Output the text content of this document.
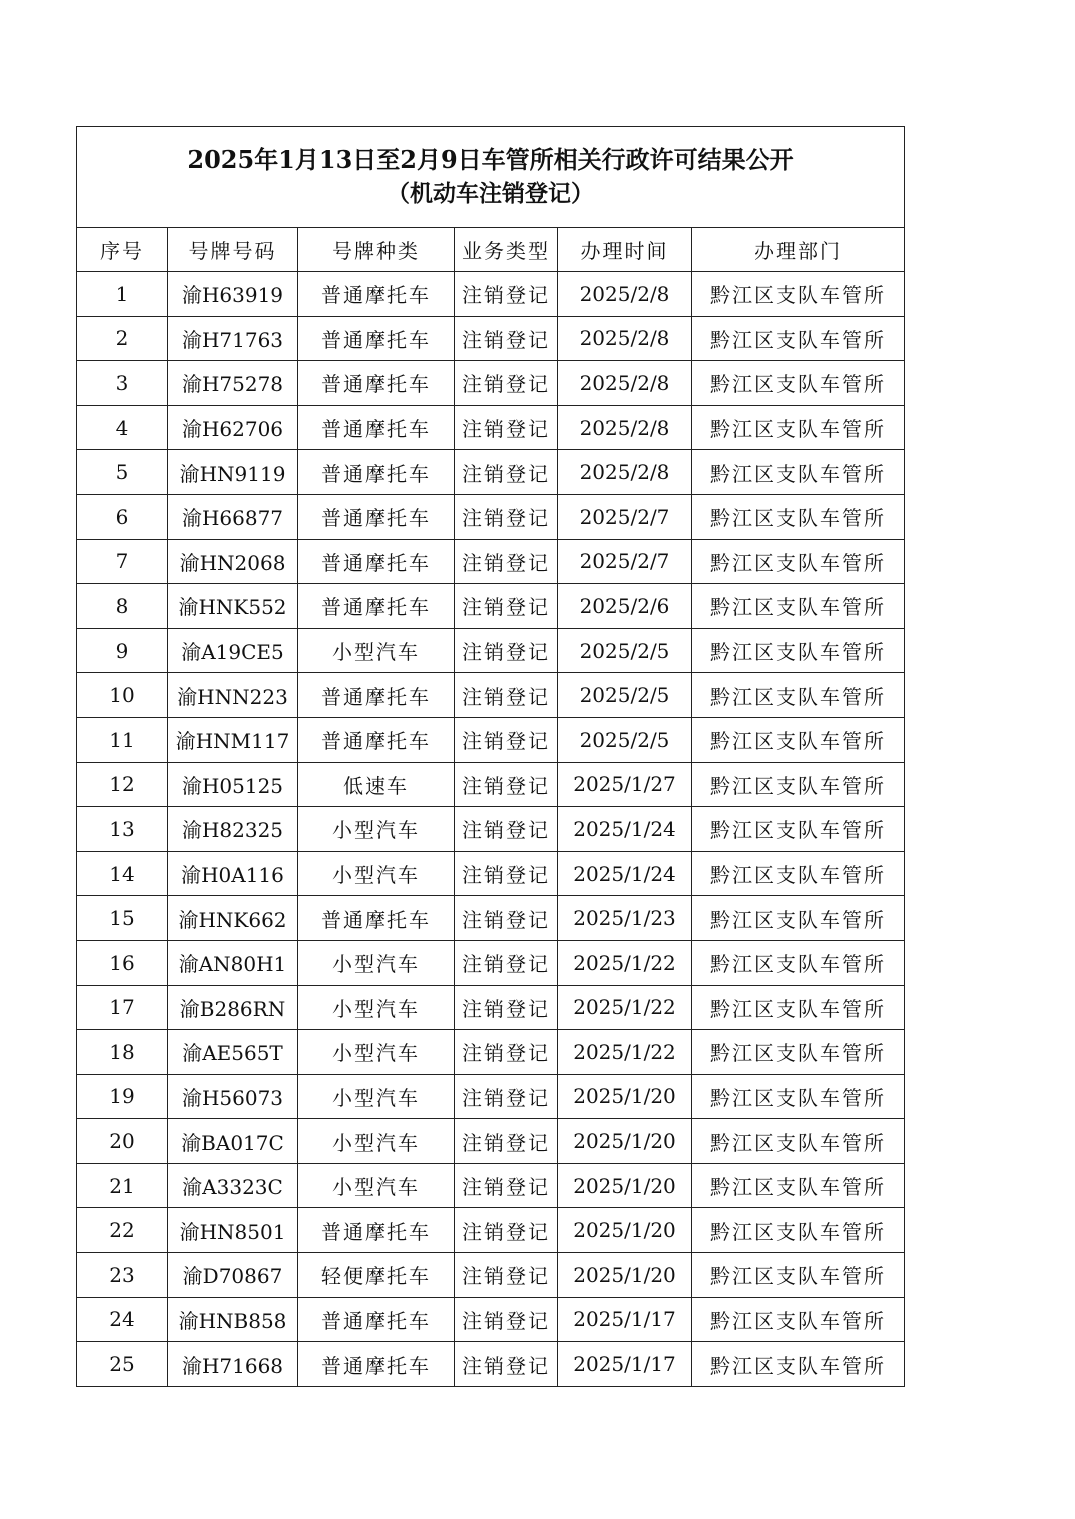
2025年1月13日至2月9日车管所相关行政许可结果公开
（机动车注销登记）					

序号	号牌号码	号牌种类	业务类型	办理时间	办理部门
1	渝H63919	普通摩托车	注销登记	2025/2/8	黔江区支队车管所
2	渝H71763	普通摩托车	注销登记	2025/2/8	黔江区支队车管所
3	渝H75278	普通摩托车	注销登记	2025/2/8	黔江区支队车管所
4	渝H62706	普通摩托车	注销登记	2025/2/8	黔江区支队车管所
5	渝HN9119	普通摩托车	注销登记	2025/2/8	黔江区支队车管所
6	渝H66877	普通摩托车	注销登记	2025/2/7	黔江区支队车管所
7	渝HN2068	普通摩托车	注销登记	2025/2/7	黔江区支队车管所
8	渝HNK552	普通摩托车	注销登记	2025/2/6	黔江区支队车管所
9	渝A19CE5	小型汽车	注销登记	2025/2/5	黔江区支队车管所
10	渝HNN223	普通摩托车	注销登记	2025/2/5	黔江区支队车管所
11	渝HNM117	普通摩托车	注销登记	2025/2/5	黔江区支队车管所
12	渝H05125	低速车	注销登记	2025/1/27	黔江区支队车管所
13	渝H82325	小型汽车	注销登记	2025/1/24	黔江区支队车管所
14	渝H0A116	小型汽车	注销登记	2025/1/24	黔江区支队车管所
15	渝HNK662	普通摩托车	注销登记	2025/1/23	黔江区支队车管所
16	渝AN80H1	小型汽车	注销登记	2025/1/22	黔江区支队车管所
17	渝B286RN	小型汽车	注销登记	2025/1/22	黔江区支队车管所
18	渝AE565T	小型汽车	注销登记	2025/1/22	黔江区支队车管所
19	渝H56073	小型汽车	注销登记	2025/1/20	黔江区支队车管所
20	渝BA017C	小型汽车	注销登记	2025/1/20	黔江区支队车管所
21	渝A3323C	小型汽车	注销登记	2025/1/20	黔江区支队车管所
22	渝HN8501	普通摩托车	注销登记	2025/1/20	黔江区支队车管所
23	渝D70867	轻便摩托车	注销登记	2025/1/20	黔江区支队车管所
24	渝HNB858	普通摩托车	注销登记	2025/1/17	黔江区支队车管所
25	渝H71668	普通摩托车	注销登记	2025/1/17	黔江区支队车管所
